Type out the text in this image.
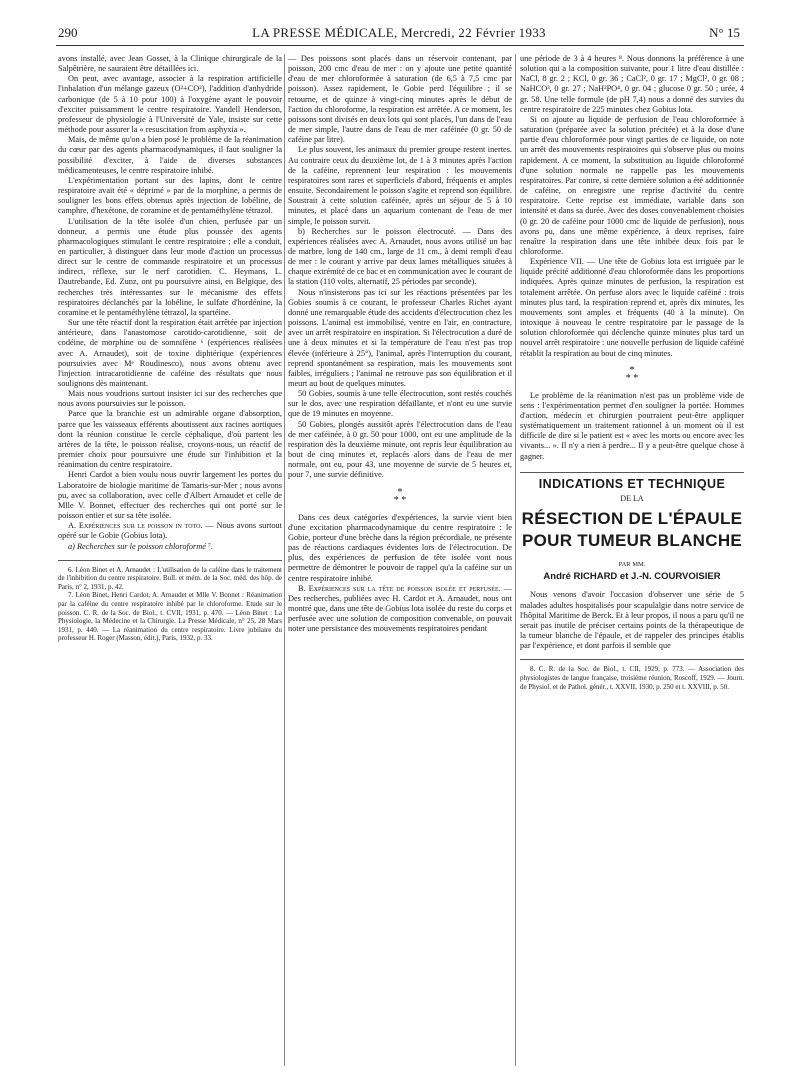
290	LA PRESSE MÉDICALE, Mercredi, 22 Février 1933	N° 15

avons installé, avec Jean Gosset, à la Clinique chirurgicale de la Salpêtrière, ne sauraient être détaillées ici.

On peut, avec avantage, associer à la respiration artificielle l'inhalation d'un mélange gazeux (O²+CO²), l'addition d'anhydride carbonique (de 5 à 10 pour 100) à l'oxygène ayant le pouvoir d'exciter puissamment le centre respiratoire. Yandell Henderson, professeur de physiologie à l'Université de Yale, insiste sur cette méthode pour assurer la « resuscitation from asphyxia ».

Mais, de même qu'on a bien posé le problème de la réanimation du cœur par des agents pharmacodynamiques, il faut souligner la possibilité d'exciter, à l'aide de diverses substances médicamenteuses, le centre respiratoire inhibé.

L'expérimentation portant sur des lapins, dont le centre respiratoire avait été « déprimé » par de la morphine, a permis de souligner les bons effets obtenus après injection de lobéline, de camphre, d'hexétone, de coramine et de pentaméthylène tétrazol.

L'utilisation de la tête isolée d'un chien, perfusée par un donneur, a permis une étude plus poussée des agents pharmacologiques stimulant le centre respiratoire ; elle a conduit, en particulier, à distinguer dans leur mode d'action un processus direct sur le centre de commande respiratoire et un processus indirect, réflexe, sur le nerf carotidien. C. Heymans, L. Dautrebande, Ed. Zunz, ont pu poursuivre ainsi, en Belgique, des recherches très intéressantes sur le mécanisme des effets respiratoires déclanchés par la lobéline, le sulfate d'hordénine, la coramine et le pentaméthylène tétrazol, la spartéine.

Sur une tête réactif dont la respiration était arrêtée par injection antérieure, dans l'anastomose carotido-carotidienne, soit de codéine, de morphine ou de somnifène ⁶ (expériences réalisées avec A. Arnaudet), soit de toxine diphtérique (expériences poursuivies avec Mᵉ Roudinesco), nous avons obtenu avec l'injection intracarotidienne de caféine des résultats que nous soulignons dès maintenant.

Mais nous voudrions surtout insister ici sur des recherches que nous avons poursuivies sur le poisson.

Parce que la branchie est un admirable organe d'absorption, parce que les vaisseaux efférents aboutissent aux racines aortiques dont la réunion constitue le cercle céphalique, d'où partent les artères de la tête, le poisson réalise, croyons-nous, un réactif de premier choix pour poursuivre une étude sur l'inhibition et la réanimation du centre respiratoire.

Henri Cardot a bien voulu nous ouvrir largement les portes du Laboratoire de biologie maritime de Tamaris-sur-Mer ; nous avons pu, avec sa collaboration, avec celle d'Albert Arnaudet et celle de Mlle V. Bonnet, effectuer des recherches qui ont porté sur le poisson entier et sur sa tête isolée.

A. Expériences sur le poisson in toto. — Nous avons surtout opéré sur le Gobie (Gobius lota).

a) Recherches sur le poisson chloroformé ⁷.

6. Léon Binet et A. Arnaudet : L'utilisation de la caféine dans le traitement de l'inhibition du centre respiratoire. Bull. et mém. de la Soc. méd. des hôp. de Paris, n° 2, 1931, p. 42.

7. Léon Binet, Henri Cardot, A. Arnaudet et Mlle V. Bonnet : Réanimation par la caféine du centre respiratoire inhibé par le chloroforme. Etude sur le poisson. C. R. de la Soc. de Biol., t. CVII, 1931, p. 470. — Léon Binet : La Physiologie, la Médecine et la Chirurgie. La Presse Médicale, n° 25, 28 Mars 1931, p. 440. — La réanimation du centre respiratoire. Livre jubilaire du professeur H. Roger (Masson, édit.), Paris, 1932, p. 33.

— Des poissons sont placés dans un réservoir contenant, par poisson, 200 cmc d'eau de mer : on y ajoute une petite quantité d'eau de mer chloroformée à saturation (de 6,5 à 7,5 cmc par poisson). Assez rapidement, le Gobie perd l'équilibre ; il se retourne, et de quinze à vingt-cinq minutes après le début de l'action du chloroforme, la respiration est arrêtée. A ce moment, les poissons sont divisés en deux lots qui sont placés, l'un dans de l'eau de mer simple, l'autre dans de l'eau de mer caféinée (0 gr. 50 de caféine par litre).

Le plus souvent, les animaux du premier groupe restent inertes. Au contraire ceux du deuxième lot, de 1 à 3 minutes après l'action de la caféine, reprennent leur respiration : les mouvements respiratoires sont rares et superficiels d'abord, fréquents et amples ensuite. Secondairement le poisson s'agite et reprend son équilibre. Soustrait à cette solution caféinée, après un séjour de 5 à 10 minutes, et placé dans un aquarium contenant de l'eau de mer simple, le poisson survit.

b) Recherches sur le poisson électrocuté. — Dans des expériences réalisées avec A. Arnaudet, nous avons utilisé un bac de marbre, long de 140 cm., large de 11 cm., à demi rempli d'eau de mer : le courant y arrive par deux lames métalliques situées à chaque extrémité de ce bac et en communication avec le courant de la station (110 volts, alternatif, 25 périodes par seconde).

Nous n'insisterons pas ici sur les réactions présentées par les Gobies soumis à ce courant, le professeur Charles Richet ayant donné une remarquable étude des accidents d'électrocution chez les poissons. L'animal est immobilisé, ventre en l'air, en contracture, avec un arrêt respiratoire en inspiration. Si l'électrocution a duré de une à deux minutes et si la température de l'eau n'est pas trop élevée (inférieure à 25°), l'animal, après l'interruption du courant, reprend spontanément sa respiration, mais les mouvements sont faibles, irréguliers ; l'animal ne retrouve pas son équilibration et il meurt au bout de quelques minutes.

50 Gobies, soumis à une telle électrocution, sont restés couchés sur le dos, avec une respiration défaillante, et n'ont eu une survie que de 19 minutes en moyenne.

50 Gobies, plongés aussitôt après l'électrocution dans de l'eau de mer caféinée, à 0 gr. 50 pour 1000, ont eu une amplitude de la respiration dès la deuxième minute, ont repris leur équilibration au bout de cinq minutes et, replacés alors dans de l'eau de mer normale, ont eu, pour 43, une moyenne de survie de 5 heures et, pour 7, une survie définitive.

*
* *

Dans ces deux catégories d'expériences, la survie vient bien d'une excitation pharmacodynamique du centre respiratoire : le Gobie, porteur d'une brèche dans la région précordiale, ne présente pas de réactions cardiaques évidentes lors de l'électrocution. De plus, des expériences de perfusion de tête isolée vont nous permettre de démontrer le pouvoir de rappel qu'a la caféine sur un centre respiratoire inhibé.

B. Expériences sur la tête de poisson isolée et perfusée. — Des recherches, publiées avec H. Cardot et A. Arnaudet, nous ont montré que, dans une tête de Gobius lota isolée du reste du corps et perfusée avec une solution de composition convenable, on pouvait noter une persistance des mouvements respiratoires pendant

une période de 3 à 4 heures ⁸. Nous donnons la préférence à une solution qui a la composition suivante, pour 1 litre d'eau distillée : NaCl, 8 gr. 2 ; KCl, 0 gr. 36 ; CaCl², 0 gr. 17 ; MgCl², 0 gr. 08 ; NaHCO³, 0 gr. 27 ; NaH²PO⁴, 0 gr. 04 ; glucose 0 gr. 50 ; urée, 4 gr. 58. Une telle formule (de pH 7,4) nous a donné des survies du centre respiratoire de 225 minutes chez Gobius lota.

Si on ajoute au liquide de perfusion de l'eau chloroformée à saturation (préparée avec la solution précitée) et à la dose d'une partie d'eau chloroformée pour vingt parties de ce liquide, on note un arrêt des mouvements respiratoires qui s'observe plus ou moins rapidement. A ce moment, la substitution au liquide chloroformé d'une solution normale ne rappelle pas les mouvements respiratoires. Par contre, si cette dernière solution a été additionnée de caféine, on enregistre une reprise d'activité du centre respiratoire. Cette reprise est immédiate, variable dans son intensité et dans sa durée. Avec des doses convenablement choisies (0 gr. 20 de caféine pour 1000 cmc de liquide de perfusion), nous avons pu, dans une même expérience, à deux reprises, faire renaître la respiration dans une tête inhibée deux fois par le chloroforme.

Expérience VII. — Une tête de Gobius lota est irriguée par le liquide précité additionné d'eau chloroformée dans les proportions indiquées. Après quinze minutes de perfusion, la respiration est totalement arrêtée. On perfuse alors avec le liquide caféiné : trois minutes plus tard, la respiration reprend et, après dix minutes, les mouvements sont amples et fréquents (40 à la minute). On intoxique à nouveau le centre respiratoire par le passage de la solution chloroformée qui déclenche quinze minutes plus tard un nouvel arrêt respiratoire : une nouvelle perfusion de liquide caféiné rétablit la respiration au bout de cinq minutes.

*
* *

Le problème de la réanimation n'est pas un problème vide de sens : l'expérimentation permet d'en souligner la portée. Hommes d'action, médecin et chirurgien pourraient peut-être appliquer systématiquement un traitement rationnel à un moment où il est difficile de dire si le patient est « avec les morts ou encore avec les vivants... ». Il n'y a rien à perdre... Il y a peut-être quelque chose à gagner.

INDICATIONS ET TECHNIQUE
DE LA
RÉSECTION DE L'ÉPAULE
POUR TUMEUR BLANCHE
PAR MM.
André RICHARD et J.-N. COURVOISIER

Nous venons d'avoir l'occasion d'observer une série de 5 malades adultes hospitalisés pour scapulalgie dans notre service de l'hôpital Maritime de Berck. Et à leur propos, il nous a paru qu'il ne serait pas inutile de préciser certains points de la thérapeutique de la tumeur blanche de l'épaule, et de rappeler des principes établis par l'expérience, et dont parfois il semble que

8. C. R. de la Soc. de Biol., t. CII, 1929, p. 773. — Association des physiologistes de langue française, troisième réunion, Roscoff, 1929. — Journ. de Physiol. et de Pathol. génér., t. XXVII, 1930, p. 250 et t. XXVIII, p. 50.
